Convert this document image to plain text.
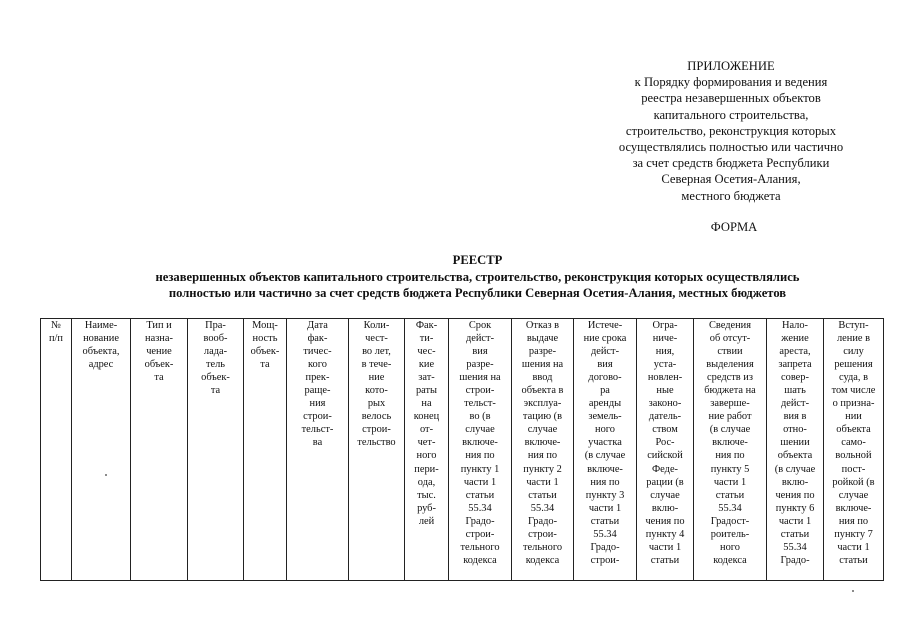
ПРИЛОЖЕНИЕ
к Порядку формирования и ведения
реестра незавершенных объектов
капитального строительства,
строительство, реконструкция которых
осуществлялись полностью или частично
за счет средств бюджета Республики
Северная Осетия-Алания,
местного бюджета
ФОРМА
РЕЕСТР
незавершенных объектов капитального строительства, строительство, реконструкция которых осуществлялись
полностью или частично за счет средств бюджета Республики Северная Осетия-Алания, местных бюджетов
№
п/п

Наиме-
нование
объекта,
адрес

Тип и
назна-
чение
объек-
та

Пра-
вооб-
лада-
тель
объек-
та

Мощ-
ность
объек-
та

Дата
фак-
тичес-
кого
прек-
раще-
ния
строи-
тельст-
ва

Коли-
чест-
во лет,
в тече-
ние
кото-
рых
велось
строи-
тельство

Фак-
ти-
чес-
кие
зат-
раты
на
конец
от-
чет-
ного
пери-
ода,
тыс.
руб-
лей

Срок
дейст-
вия
разре-
шения на
строи-
тельст-
во (в
случае
включе-
ния по
пункту 1
части 1
статьи
55.34
Градо-
строи-
тельного
кодекса

Отказ в
выдаче
разре-
шения на
ввод
объекта в
эксплуа-
тацию (в
случае
включе-
ния по
пункту 2
части 1
статьи
55.34
Градо-
строи-
тельного
кодекса

Истече-
ние срока
дейст-
вия
догово-
ра
аренды
земель-
ного
участка
(в случае
включе-
ния по
пункту 3
части 1
статьи
55.34
Градо-
строи-

Огра-
ниче-
ния,
уста-
новлен-
ные
законо-
датель-
ством
Рос-
сийской
Феде-
рации (в
случае
вклю-
чения по
пункту 4
части 1
статьи

Сведения
об отсут-
ствии
выделения
средств из
бюджета на
заверше-
ние работ
(в случае
включе-
ния по
пункту 5
части 1
статьи
55.34
Градост-
роитель-
ного
кодекса

Нало-
жение
ареста,
запрета
совер-
шать
дейст-
вия в
отно-
шении
объекта
(в случае
вклю-
чения по
пункту 6
части 1
статьи
55.34
Градо-

Вступ-
ление в
силу
решения
суда, в
том числе
о призна-
нии
объекта
само-
вольной
пост-
ройкой (в
случае
включе-
ния по
пункту 7
части 1
статьи
